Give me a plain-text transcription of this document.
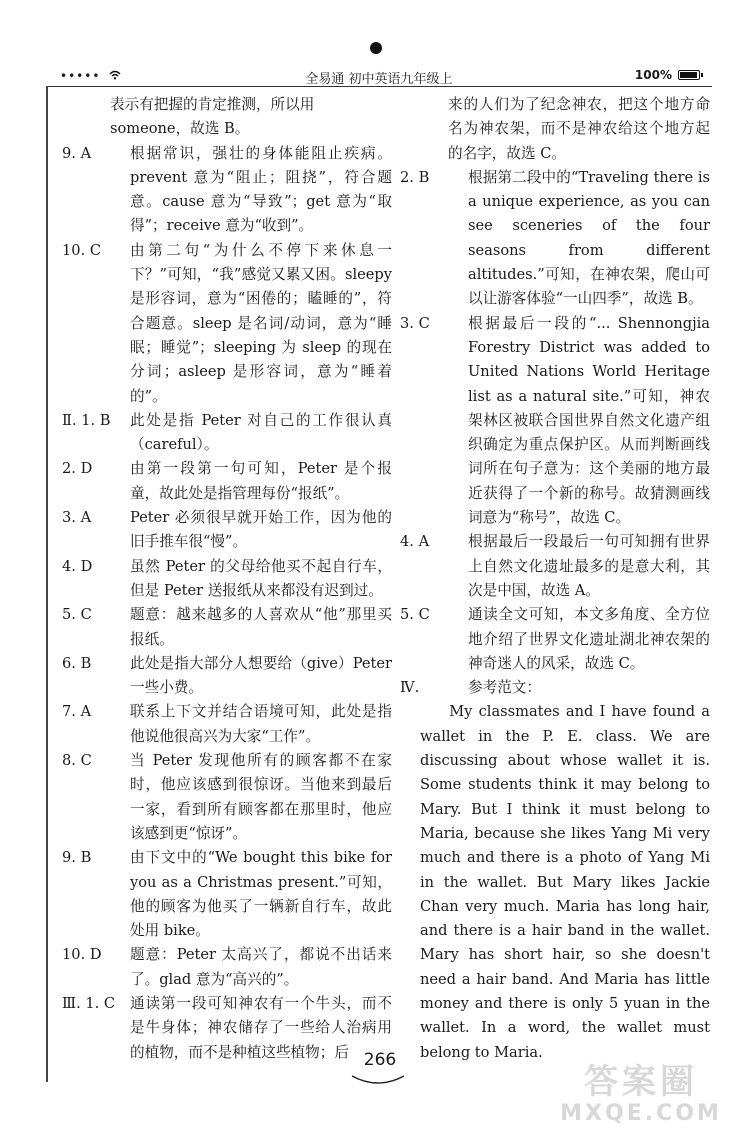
•••••	全易通 初中英语九年级上	100%
表示有把握的肯定推测，所以用
someone，故选 B。
9. A	根据常识，强壮的身体能阻止疾病。prevent 意为“阻止；阻挠”，符合题意。cause 意为“导致”；get 意为“取得”；receive 意为“收到”。
10. C	由第二句“为什么不停下来休息一下？”可知，“我”感觉又累又困。sleepy 是形容词，意为“困倦的；瞌睡的”，符合题意。sleep 是名词/动词，意为“睡眠；睡觉”；sleeping 为 sleep 的现在分词；asleep 是形容词，意为“睡着的”。
Ⅱ. 1. B	此处是指 Peter 对自己的工作很认真（careful）。
2. D	由第一段第一句可知，Peter 是个报童，故此处是指管理每份“报纸”。
3. A	Peter 必须很早就开始工作，因为他的旧手推车很“慢”。
4. D	虽然 Peter 的父母给他买不起自行车，但是 Peter 送报纸从来都没有迟到过。
5. C	题意：越来越多的人喜欢从“他”那里买报纸。
6. B	此处是指大部分人想要给（give）Peter 一些小费。
7. A	联系上下文并结合语境可知，此处是指他说他很高兴为大家“工作”。
8. C	当 Peter 发现他所有的顾客都不在家时，他应该感到很惊讶。当他来到最后一家，看到所有顾客都在那里时，他应该感到更“惊讶”。
9. B	由下文中的“We bought this bike for you as a Christmas present.”可知，他的顾客为他买了一辆新自行车，故此处用 bike。
10. D	题意：Peter 太高兴了，都说不出话来了。glad 意为“高兴的”。
Ⅲ. 1. C	通读第一段可知神农有一个牛头，而不是牛身体；神农储存了一些给人治病用的植物，而不是种植这些植物；后
来的人们为了纪念神农，把这个地方命名为神农架，而不是神农给这个地方起的名字，故选 C。
2. B	根据第二段中的“Traveling there is a unique experience, as you can see sceneries of the four seasons from different altitudes.”可知，在神农架，爬山可以让游客体验“一山四季”，故选 B。
3. C	根据最后一段的“... Shennongjia Forestry District was added to United Nations World Heritage list as a natural site.”可知，神农架林区被联合国世界自然文化遗产组织确定为重点保护区。从而判断画线词所在句子意为：这个美丽的地方最近获得了一个新的称号。故猜测画线词意为“称号”，故选 C。
4. A	根据最后一段最后一句可知拥有世界上自然文化遗址最多的是意大利，其次是中国，故选 A。
5. C	通读全文可知，本文多角度、全方位地介绍了世界文化遗址湖北神农架的神奇迷人的风采，故选 C。
Ⅳ.	参考范文：
My classmates and I have found a wallet in the P. E. class. We are discussing about whose wallet it is. Some students think it may belong to Mary. But I think it must belong to Maria, because she likes Yang Mi very much and there is a photo of Yang Mi in the wallet. But Mary likes Jackie Chan very much. Maria has long hair, and there is a hair band in the wallet. Mary has short hair, so she doesn't need a hair band. And Maria has little money and there is only 5 yuan in the wallet. In a word, the wallet must belong to Maria.
266
答案圈
MXQE.COM
